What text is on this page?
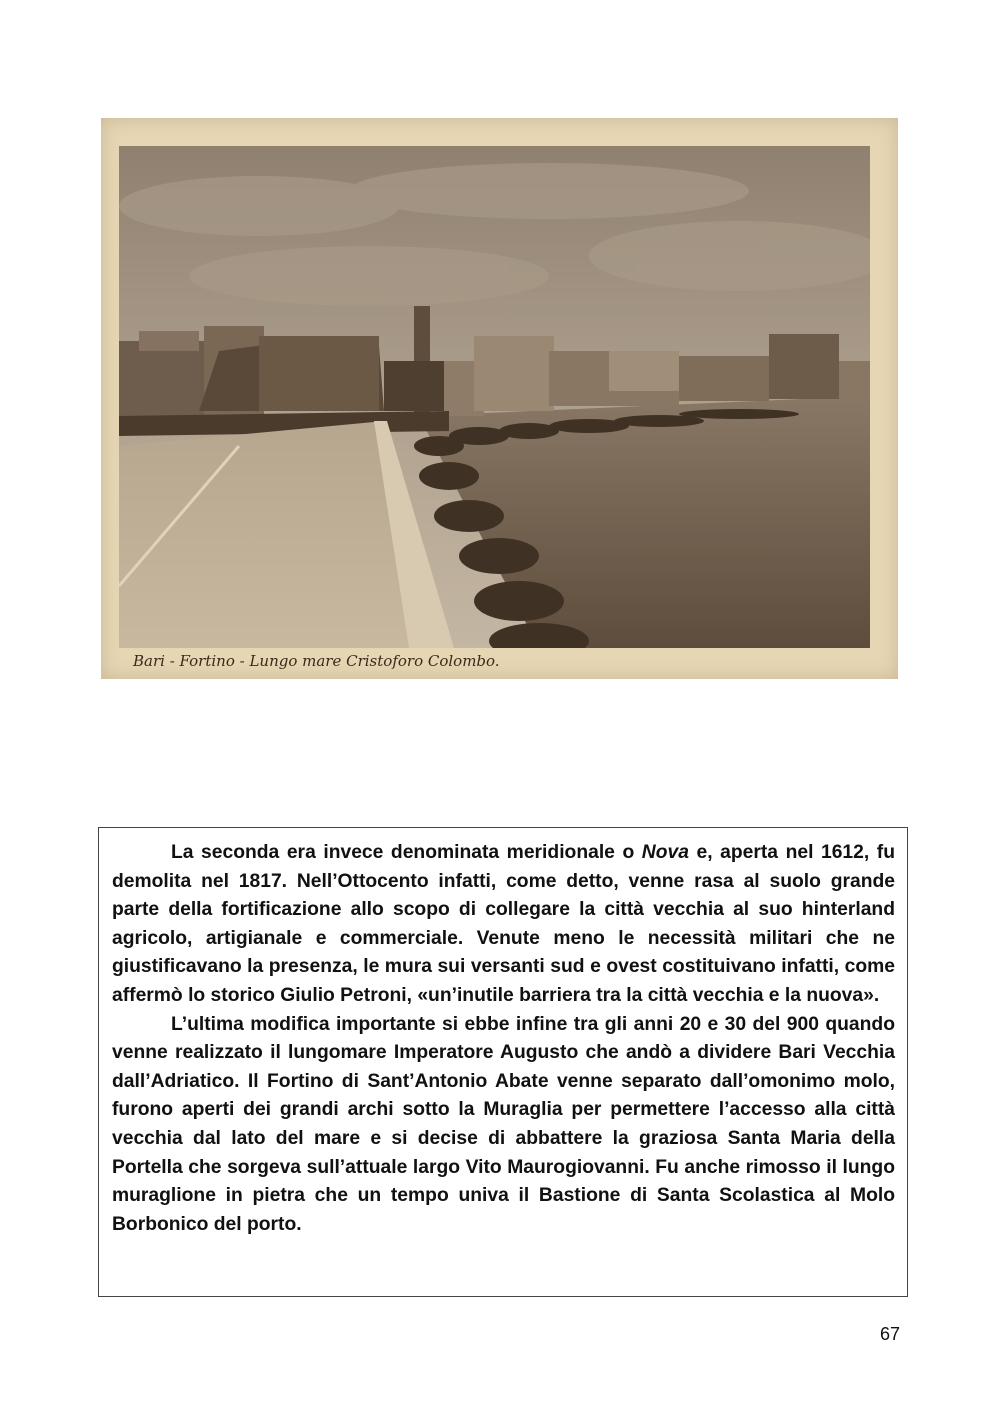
Bari - Fortino - Lungo mare Cristoforo Colombo.

La seconda era invece denominata meridionale o Nova e, aperta nel 1612, fu demolita nel 1817. Nell’Ottocento infatti, come detto, venne rasa al suolo grande parte della fortificazione allo scopo di collegare la città vecchia al suo hinterland agricolo, artigianale e commerciale. Venute meno le necessità militari che ne giustificavano la presenza, le mura sui versanti sud e ovest costituivano infatti, come affermò lo storico Giulio Petroni, «un’inutile barriera tra la città vecchia e la nuova».

L’ultima modifica importante si ebbe infine tra gli anni 20 e 30 del 900 quando venne realizzato il lungomare Imperatore Augusto che andò a dividere Bari Vecchia dall’Adriatico. Il Fortino di Sant’Antonio Abate venne separato dall’omonimo molo, furono aperti dei grandi archi sotto la Muraglia per permettere l’accesso alla città vecchia dal lato del mare e si decise di abbattere la graziosa Santa Maria della Portella che sorgeva sull’attuale largo Vito Maurogiovanni. Fu anche rimosso il lungo muraglione in pietra che un tempo univa il Bastione di Santa Scolastica al Molo Borbonico del porto.

67
